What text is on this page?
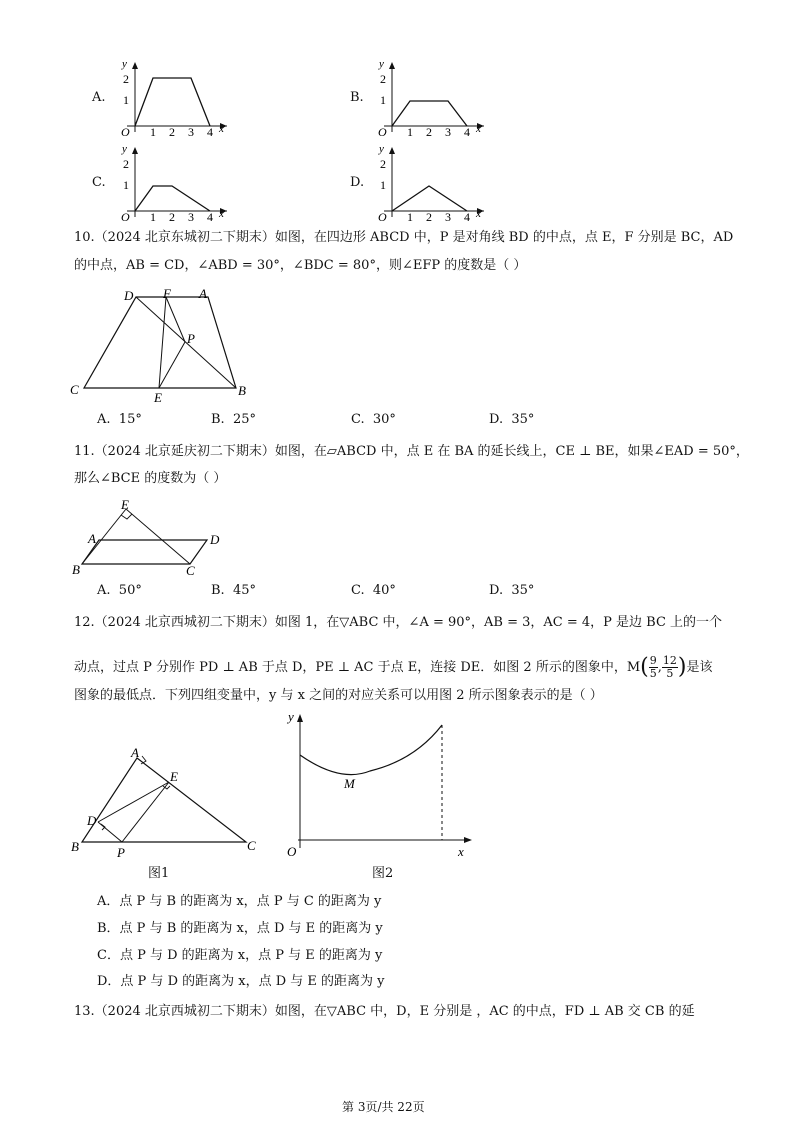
A.
y
2
1
O 1 2 3 4 x
B.
y
2
1
O 1 2 3 4 x
C.
y
2
1
O 1 2 3 4 x
D.
y
2
1
O 1 2 3 4 x
10.（2024 北京东城初二下期末）如图，在四边形 ABCD 中，P 是对角线 BD 的中点，点 E，F 分别是 BC，AD
的中点，AB = CD，∠ABD = 30°，∠BDC = 80°，则∠EFP 的度数是（ ）
D F A
P
C
E	B
A. 15°	B. 25°	C. 30°	D. 35°
11.（2024 北京延庆初二下期末）如图，在▱ABCD 中，点 E 在 BA 的延长线上，CE ⊥ BE，如果∠EAD = 50°，
那么∠BCE 的度数为（ ）
E
A	D
B	C
A. 50°	B. 45°	C. 40°	D. 35°
12.（2024 北京西城初二下期末）如图 1，在▽ABC 中，∠A = 90°，AB = 3，AC = 4，P 是边 BC 上的一个
动点，过点 P 分别作 PD ⊥ AB 于点 D，PE ⊥ AC 于点 E，连接 DE．如图 2 所示的图象中，$M( \frac{9}{5}$ , $\frac{12}{5}$ )是该
图象的最低点．下列四组变量中，y 与 x 之间的对应关系可以用图 2 所示图象表示的是（ ）
A
E
D
B	P	C
图1
y
M
O	x
图2
A．点 P 与 B 的距离为 x，点 P 与 C 的距离为 y
B．点 P 与 B 的距离为 x，点 D 与 E 的距离为 y
C．点 P 与 D 的距离为 x，点 P 与 E 的距离为 y
D．点 P 与 D 的距离为 x，点 D 与 E 的距离为 y
13.（2024 北京西城初二下期末）如图，在▽ABC 中，D，E 分别是 ，AC 的中点，FD ⊥ AB 交 CB 的延
第 3页/共 22页
